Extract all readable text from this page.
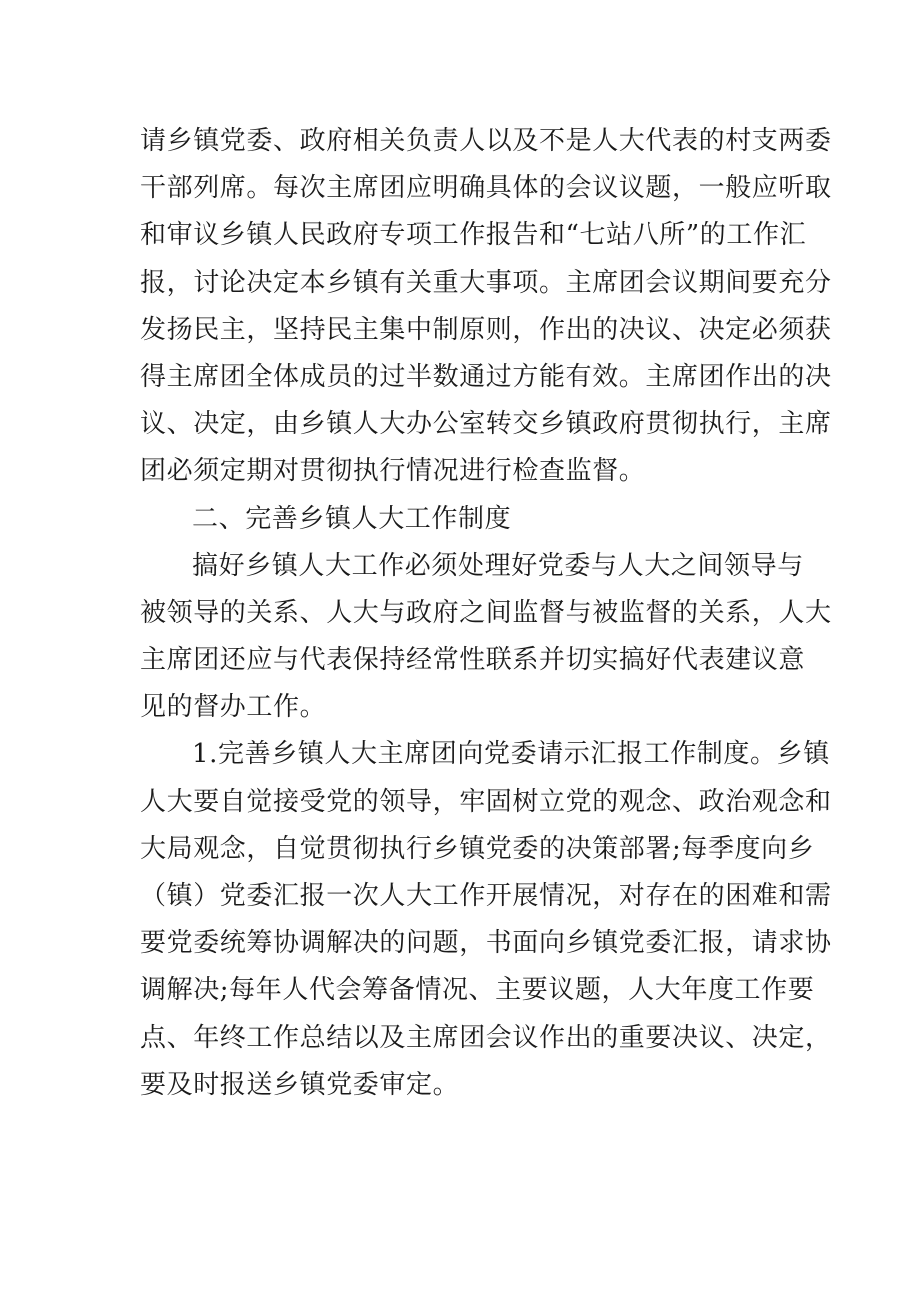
请乡镇党委、政府相关负责人以及不是人大代表的村支两委
干部列席。每次主席团应明确具体的会议议题，一般应听取
和审议乡镇人民政府专项工作报告和“七站八所”的工作汇
报，讨论决定本乡镇有关重大事项。主席团会议期间要充分
发扬民主，坚持民主集中制原则，作出的决议、决定必须获
得主席团全体成员的过半数通过方能有效。主席团作出的决
议、决定，由乡镇人大办公室转交乡镇政府贯彻执行，主席
团必须定期对贯彻执行情况进行检查监督。
二、完善乡镇人大工作制度
搞好乡镇人大工作必须处理好党委与人大之间领导与
被领导的关系、人大与政府之间监督与被监督的关系，人大
主席团还应与代表保持经常性联系并切实搞好代表建议意
见的督办工作。
1.完善乡镇人大主席团向党委请示汇报工作制度。乡镇
人大要自觉接受党的领导，牢固树立党的观念、政治观念和
大局观念，自觉贯彻执行乡镇党委的决策部署;每季度向乡
（镇）党委汇报一次人大工作开展情况，对存在的困难和需
要党委统筹协调解决的问题，书面向乡镇党委汇报，请求协
调解决;每年人代会筹备情况、主要议题，人大年度工作要
点、年终工作总结以及主席团会议作出的重要决议、决定，
要及时报送乡镇党委审定。
